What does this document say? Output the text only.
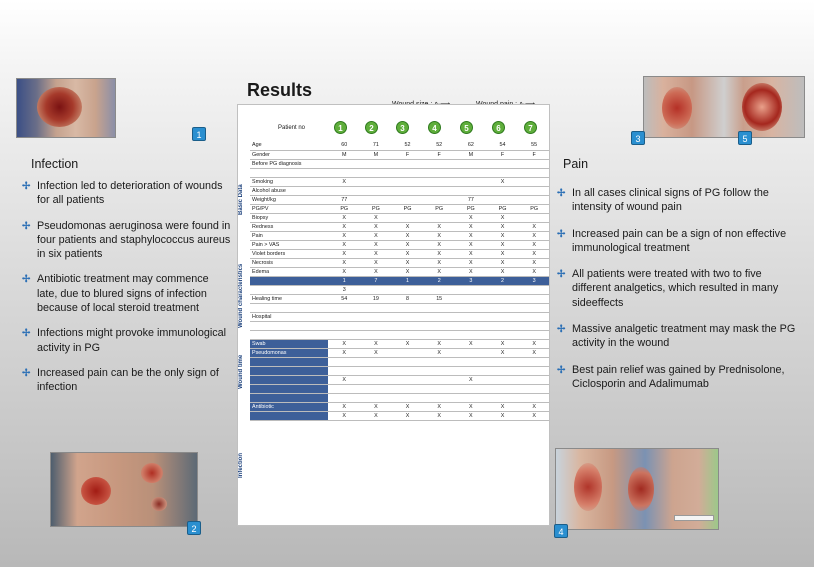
1
Results
3	5
Patient no	1	2	3	4	5	6	7
Basic Data
Wound characteristics
Wound time
Infection
Age	60	71	52	52	62	54	55
Gender	M	M	F	F	M	F	F
Before PG diagnosis							

Smoking	X					X	
Alcohol abuse							
Weight/kg	77				77		
PG/PV	PG	PG	PG	PG	PG	PG	PG
Biopsy	X	X			X	X	
Redness	X	X	X	X	X	X	X
Pain	X	X	X	X	X	X	X
Pain > VAS	X	X	X	X	X	X	X
Violet borders	X	X	X	X	X	X	X
Necrosis	X	X	X	X	X	X	X
Edema	X	X	X	X	X	X	X
	1	7	1	2	3	2	3
	3						
Healing time	54	19	8	15			

Hospital							

Swab	X	X	X	X	X	X	X
Pseudomonas	X	X		X		X	X

	X				X		

Antibiotic	X	X	X	X	X	X	X
	X	X	X	X	X	X	X
Infection
✢ Infection led to deterioration of wounds for all patients
✢ Pseudomonas aeruginosa were found in four patients and staphylococcus aureus in six patients
✢ Antibiotic treatment may commence late, due to blured signs of infection because of local steroid treatment
✢ Infections might provoke immunological activity in PG
✢ Increased pain can be the only sign of infection
Pain
✢ In all cases clinical signs of PG follow the intensity of wound pain
✢ Increased pain can be a sign of non effective immunological treatment
✢ All patients were treated with two to five different analgetics, which resulted in many sideeffects
✢ Massive analgetic treatment may mask the PG activity in the wound
✢ Best pain relief was gained by Prednisolone, Ciclosporin and Adalimumab
2	4
